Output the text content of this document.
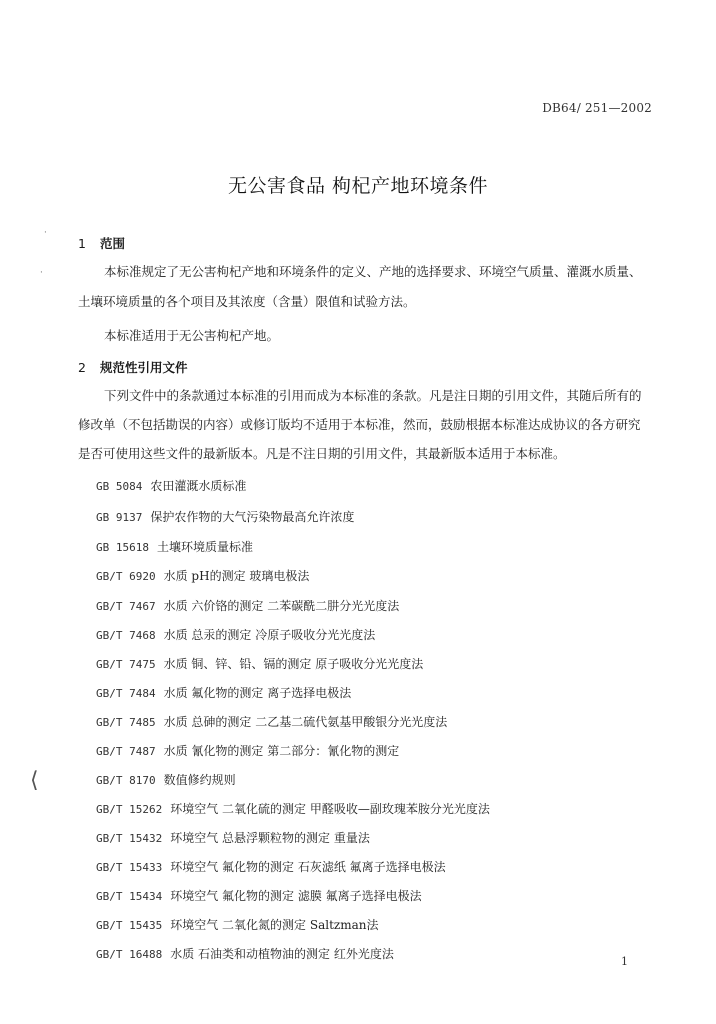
DB64/ 251—2002
无公害食品 枸杞产地环境条件
·
·
⟨
1 范围
本标准规定了无公害枸杞产地和环境条件的定义、产地的选择要求、环境空气质量、灌溉水质量、
土壤环境质量的各个项目及其浓度（含量）限值和试验方法。
本标准适用于无公害枸杞产地。
2 规范性引用文件
下列文件中的条款通过本标准的引用而成为本标准的条款。凡是注日期的引用文件，其随后所有的
修改单（不包括勘误的内容）或修订版均不适用于本标准，然而，鼓励根据本标准达成协议的各方研究
是否可使用这些文件的最新版本。凡是不注日期的引用文件，其最新版本适用于本标准。
GB 5084 农田灌溉水质标准
GB 9137 保护农作物的大气污染物最高允许浓度
GB 15618 土壤环境质量标准
GB/T 6920 水质 pH的测定 玻璃电极法
GB/T 7467 水质 六价铬的测定 二苯碳酰二肼分光光度法
GB/T 7468 水质 总汞的测定 冷原子吸收分光光度法
GB/T 7475 水质 铜、锌、铅、镉的测定 原子吸收分光光度法
GB/T 7484 水质 氟化物的测定 离子选择电极法
GB/T 7485 水质 总砷的测定 二乙基二硫代氨基甲酸银分光光度法
GB/T 7487 水质 氰化物的测定 第二部分：氰化物的测定
GB/T 8170 数值修约规则
GB/T 15262 环境空气 二氧化硫的测定 甲醛吸收—副玫瑰苯胺分光光度法
GB/T 15432 环境空气 总悬浮颗粒物的测定 重量法
GB/T 15433 环境空气 氟化物的测定 石灰滤纸 氟离子选择电极法
GB/T 15434 环境空气 氟化物的测定 滤膜 氟离子选择电极法
GB/T 15435 环境空气 二氧化氮的测定 Saltzman法
GB/T 16488 水质 石油类和动植物油的测定 红外光度法
1
